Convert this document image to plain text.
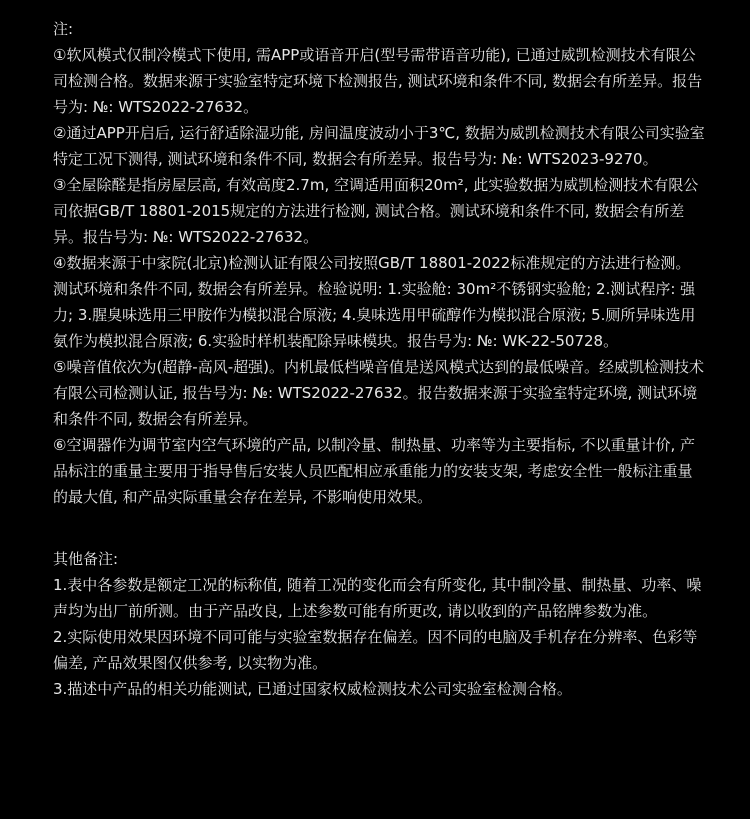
注:

①软风模式仅制冷模式下使用, 需APP或语音开启(型号需带语音功能), 已通过威凯检测技术有限公司检测合格。数据来源于实验室特定环境下检测报告, 测试环境和条件不同, 数据会有所差异。报告号为: №: WTS2022-27632。

②通过APP开启后, 运行舒适除湿功能, 房间温度波动小于3℃, 数据为威凯检测技术有限公司实验室特定工况下测得, 测试环境和条件不同, 数据会有所差异。报告号为: №: WTS2023-9270。

③全屋除醛是指房屋层高, 有效高度2.7m, 空调适用面积20m², 此实验数据为威凯检测技术有限公司依据GB/T 18801-2015规定的方法进行检测, 测试合格。测试环境和条件不同, 数据会有所差异。报告号为: №: WTS2022-27632。

④数据来源于中家院(北京)检测认证有限公司按照GB/T 18801-2022标准规定的方法进行检测。测试环境和条件不同, 数据会有所差异。检验说明: 1.实验舱: 30m²不锈钢实验舱; 2.测试程序: 强力; 3.腥臭味选用三甲胺作为模拟混合原液; 4.臭味选用甲硫醇作为模拟混合原液; 5.厕所异味选用氨作为模拟混合原液; 6.实验时样机装配除异味模块。报告号为: №: WK-22-50728。

⑤噪音值依次为(超静-高风-超强)。内机最低档噪音值是送风模式达到的最低噪音。经威凯检测技术有限公司检测认证, 报告号为: №: WTS2022-27632。报告数据来源于实验室特定环境, 测试环境和条件不同, 数据会有所差异。

⑥空调器作为调节室内空气环境的产品, 以制冷量、制热量、功率等为主要指标, 不以重量计价, 产品标注的重量主要用于指导售后安装人员匹配相应承重能力的安装支架, 考虑安全性一般标注重量的最大值, 和产品实际重量会存在差异, 不影响使用效果。

其他备注:

1.表中各参数是额定工况的标称值, 随着工况的变化而会有所变化, 其中制冷量、制热量、功率、噪声均为出厂前所测。由于产品改良, 上述参数可能有所更改, 请以收到的产品铭牌参数为准。

2.实际使用效果因环境不同可能与实验室数据存在偏差。因不同的电脑及手机存在分辨率、色彩等偏差, 产品效果图仅供参考, 以实物为准。

3.描述中产品的相关功能测试, 已通过国家权威检测技术公司实验室检测合格。
